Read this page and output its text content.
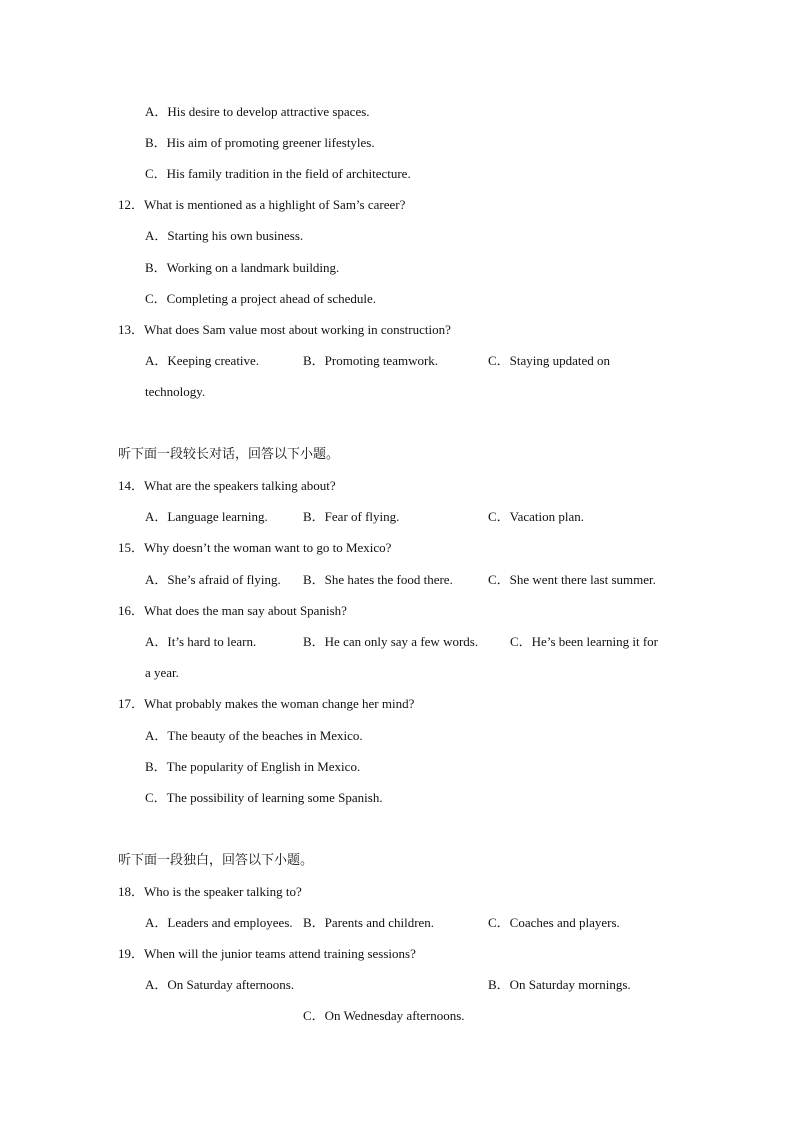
A．His desire to develop attractive spaces.
B．His aim of promoting greener lifestyles.
C．His family tradition in the field of architecture.
12．What is mentioned as a highlight of Sam’s career?
A．Starting his own business.
B．Working on a landmark building.
C．Completing a project ahead of schedule.
13．What does Sam value most about working in construction?
A．Keeping creative.	B．Promoting teamwork.	C．Staying updated on
technology.
听下面一段较长对话，回答以下小题。
14．What are the speakers talking about?
A．Language learning.	B．Fear of flying.	C．Vacation plan.
15．Why doesn’t the woman want to go to Mexico?
A．She’s afraid of flying. B．She hates the food there.	C．She went there last summer.
16．What does the man say about Spanish?
A．It’s hard to learn.	B．He can only say a few words. C．He’s been learning it for
a year.
17．What probably makes the woman change her mind?
A．The beauty of the beaches in Mexico.
B．The popularity of English in Mexico.
C．The possibility of learning some Spanish.
听下面一段独白，回答以下小题。
18．Who is the speaker talking to?
A．Leaders and employees. B．Parents and children.	C．Coaches and players.
19．When will the junior teams attend training sessions?
A．On Saturday afternoons.	B．On Saturday mornings.
C．On Wednesday afternoons.
